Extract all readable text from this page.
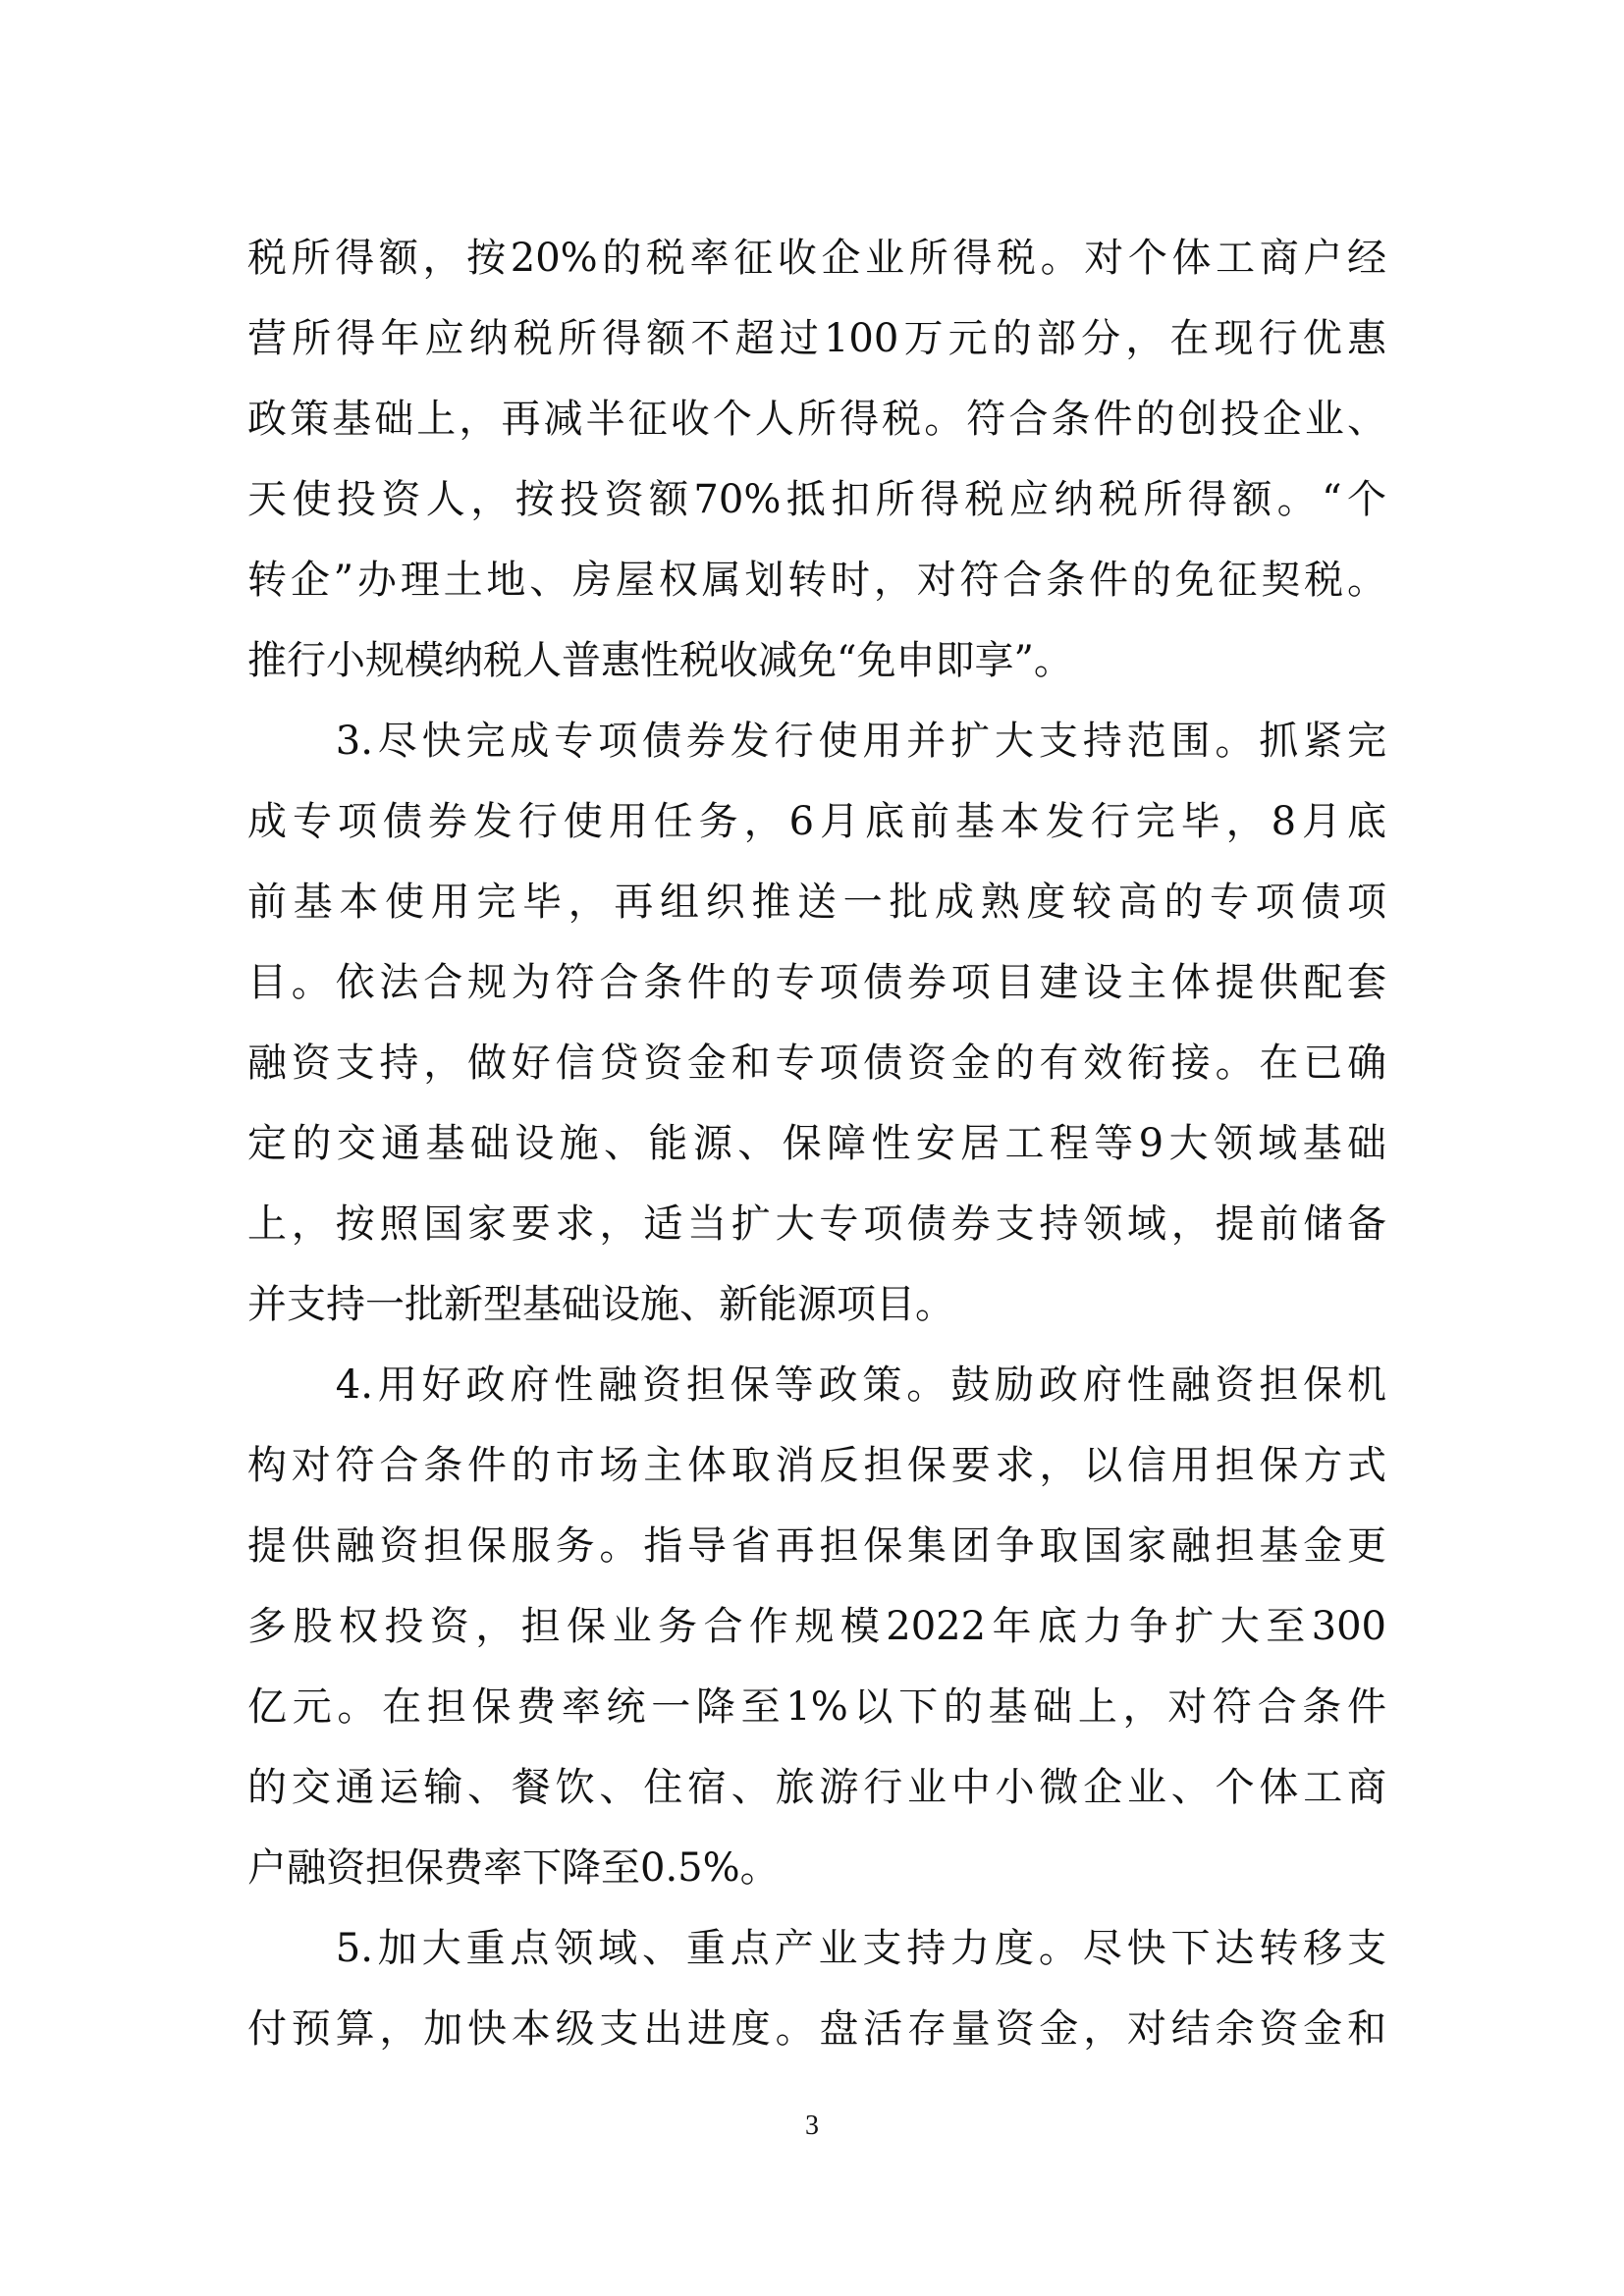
税所得额，按20%的税率征收企业所得税。对个体工商户经
营所得年应纳税所得额不超过100万元的部分，在现行优惠
政策基础上，再减半征收个人所得税。符合条件的创投企业、
天使投资人，按投资额70%抵扣所得税应纳税所得额。“个
转企”办理土地、房屋权属划转时，对符合条件的免征契税。
推行小规模纳税人普惠性税收减免“免申即享”。
　　3.尽快完成专项债券发行使用并扩大支持范围。抓紧完
成专项债券发行使用任务，6月底前基本发行完毕，8月底
前基本使用完毕，再组织推送一批成熟度较高的专项债项
目。依法合规为符合条件的专项债券项目建设主体提供配套
融资支持，做好信贷资金和专项债资金的有效衔接。在已确
定的交通基础设施、能源、保障性安居工程等9大领域基础
上，按照国家要求，适当扩大专项债券支持领域，提前储备
并支持一批新型基础设施、新能源项目。
　　4.用好政府性融资担保等政策。鼓励政府性融资担保机
构对符合条件的市场主体取消反担保要求，以信用担保方式
提供融资担保服务。指导省再担保集团争取国家融担基金更
多股权投资，担保业务合作规模2022年底力争扩大至300
亿元。在担保费率统一降至1%以下的基础上，对符合条件
的交通运输、餐饮、住宿、旅游行业中小微企业、个体工商
户融资担保费率下降至0.5%。
　　5.加大重点领域、重点产业支持力度。尽快下达转移支
付预算，加快本级支出进度。盘活存量资金，对结余资金和
3
